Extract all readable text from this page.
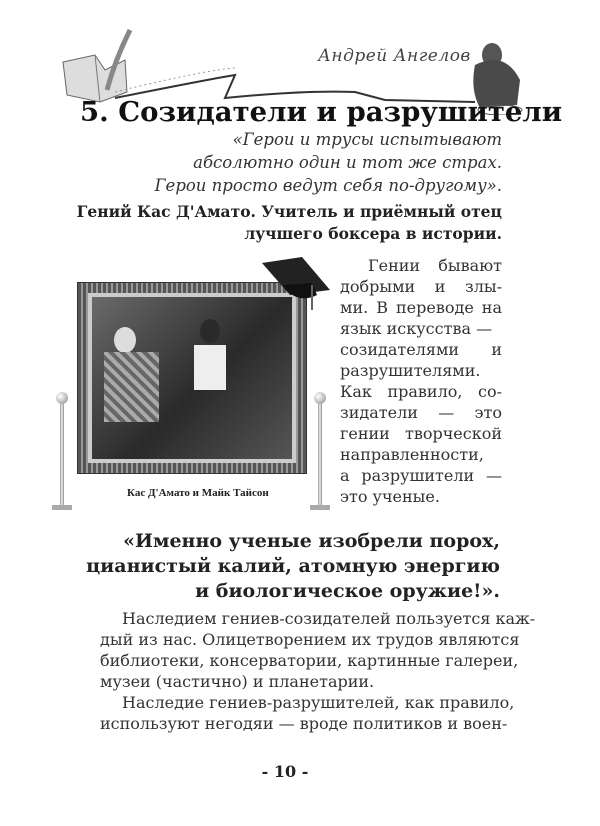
Андрей Ангелов
5. Созидатели и разрушители
«Герои и трусы испытывают
абсолютно один и тот же страх.
Герои просто ведут себя по-другому».
Гений Кас Д'Амато. Учитель и приёмный отец
лучшего боксера в истории.
Кас Д'Амато и Майк Тайсон
Гении бывают
добрыми и злы-
ми. В переводе на
язык искусства —
созидателями и
разрушителями.
Как правило, со-
зидатели — это
гении творческой
направленности,
а разрушители —
это ученые.
«Именно ученые изобрели порох,
цианистый калий, атомную энергию
и биологическое оружие!».
Наследием гениев-созидателей пользуется каж-
дый из нас. Олицетворением их трудов являются
библиотеки, консерватории, картинные галереи,
музеи (частично) и планетарии.
Наследие гениев-разрушителей, как правило,
используют негодяи — вроде политиков и воен-
- 10 -
